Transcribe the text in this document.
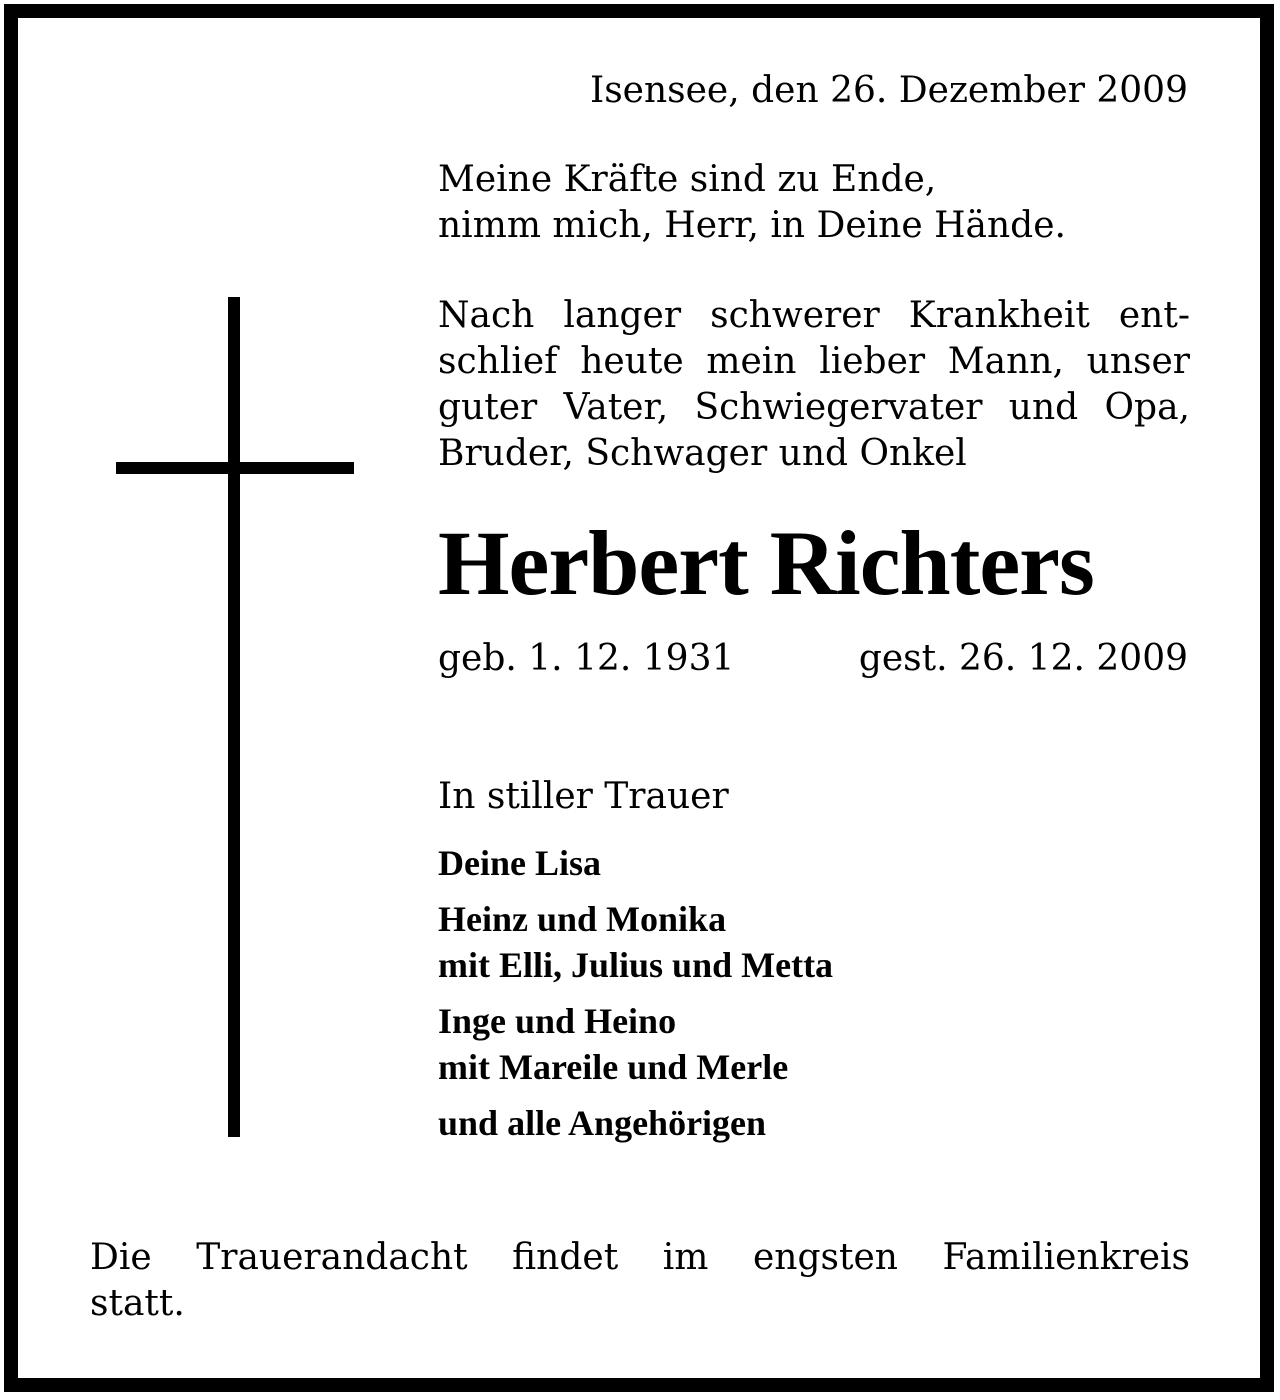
Isensee, den 26. Dezember 2009
Meine Kräfte sind zu Ende,
nimm mich, Herr, in Deine Hände.
Nach langer schwerer Krankheit ent-
schlief heute mein lieber Mann, unser
guter Vater, Schwiegervater und Opa,
Bruder, Schwager und Onkel
Herbert Richters
geb. 1. 12. 1931	gest. 26. 12. 2009
In stiller Trauer
Deine Lisa
Heinz und Monika
mit Elli, Julius und Metta
Inge und Heino
mit Mareile und Merle
und alle Angehörigen
Die Trauerandacht findet im engsten Familienkreis
statt.
